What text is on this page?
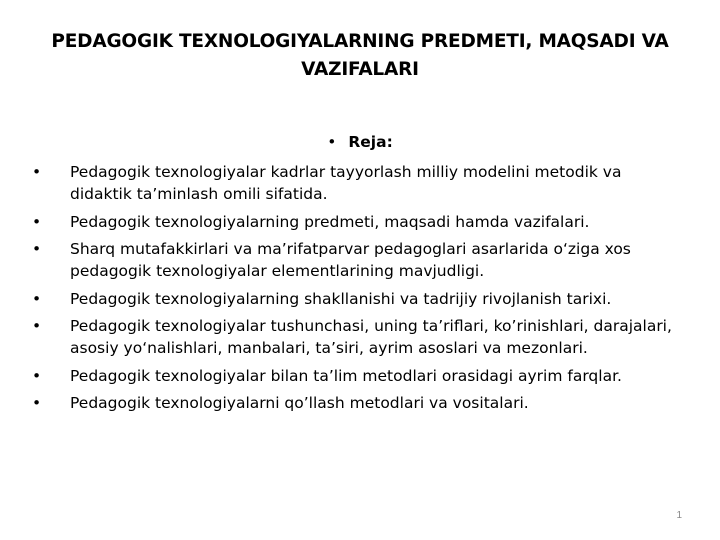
PEDAGOGIK TEXNOLOGIYALARNING PREDMETI, MAQSADI VA VAZIFALARI
• Reja:
• Pedagogik texnologiyalar kadrlar tayyorlash milliy modelini metodik va didaktik ta’minlash omili sifatida.
• Pedagogik texnologiyalarning predmeti, maqsadi hamda vazifalari.
• Sharq mutafakkirlari va ma’rifatparvar pedagoglari asarlarida o‘ziga xos pedagogik texnologiyalar elementlarining mavjudligi.
• Pedagogik texnologiyalarning shakllanishi va tadrijiy rivojlanish tarixi.
• Pedagogik texnologiyalar tushunchasi, uning ta’riflari, ko’rinishlari, darajalari, asosiy yo‘nalishlari, manbalari, ta’siri, ayrim asoslari va mezonlari.
• Pedagogik texnologiyalar bilan ta’lim metodlari orasidagi ayrim farqlar.
• Pedagogik texnologiyalarni qo’llash metodlari va vositalari.
1
